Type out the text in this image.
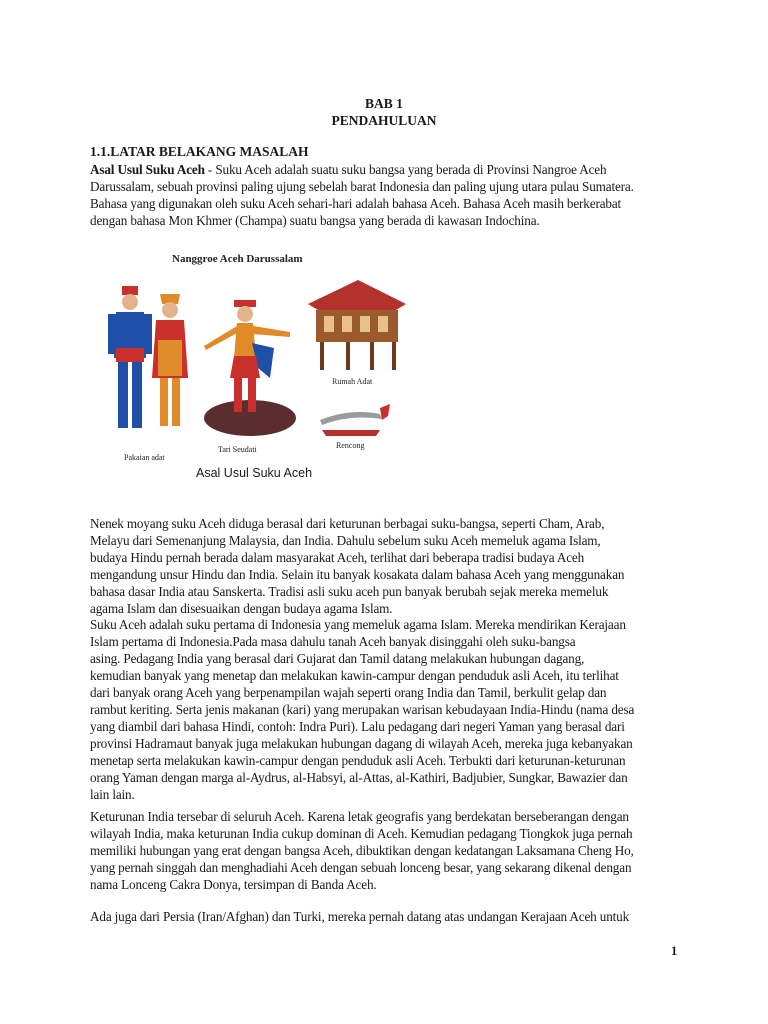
BAB 1
PENDAHULUAN
1.1.LATAR BELAKANG MASALAH
Asal Usul Suku Aceh - Suku Aceh adalah suatu suku bangsa yang berada di Provinsi Nangroe Aceh
Darussalam, sebuah provinsi paling ujung sebelah barat Indonesia dan paling ujung utara pulau Sumatera.
Bahasa yang digunakan oleh suku Aceh sehari-hari adalah bahasa Aceh. Bahasa Aceh masih berkerabat
dengan bahasa Mon Khmer (Champa) suatu bangsa yang berada di kawasan Indochina.
Nanggroe Aceh Darussalam
Pakaian adat
Tari Seudati
Rumah Adat
Rencong
Asal Usul Suku Aceh
Nenek moyang suku Aceh diduga berasal dari keturunan berbagai suku-bangsa, seperti Cham, Arab,
Melayu dari Semenanjung Malaysia, dan India. Dahulu sebelum suku Aceh memeluk agama Islam,
budaya Hindu pernah berada dalam masyarakat Aceh, terlihat dari beberapa tradisi budaya Aceh
mengandung unsur Hindu dan India. Selain itu banyak kosakata dalam bahasa Aceh yang menggunakan
bahasa dasar India atau Sanskerta. Tradisi asli suku aceh pun banyak berubah sejak mereka memeluk
agama Islam dan disesuaikan dengan budaya agama Islam.
Suku Aceh adalah suku pertama di Indonesia yang memeluk agama Islam. Mereka mendirikan Kerajaan
Islam pertama di Indonesia.Pada masa dahulu tanah Aceh banyak disinggahi oleh suku-bangsa
asing. Pedagang India yang berasal dari Gujarat dan Tamil datang melakukan hubungan dagang,
kemudian banyak yang menetap dan melakukan kawin-campur dengan penduduk asli Aceh, itu terlihat
dari banyak orang Aceh yang berpenampilan wajah seperti orang India dan Tamil, berkulit gelap dan
rambut keriting. Serta jenis makanan (kari) yang merupakan warisan kebudayaan India-Hindu (nama desa
yang diambil dari bahasa Hindi, contoh: Indra Puri). Lalu pedagang dari negeri Yaman yang berasal dari
provinsi Hadramaut banyak juga melakukan hubungan dagang di wilayah Aceh, mereka juga kebanyakan
menetap serta melakukan kawin-campur dengan penduduk asli Aceh. Terbukti dari keturunan-keturunan
orang Yaman dengan marga al-Aydrus, al-Habsyi, al-Attas, al-Kathiri, Badjubier, Sungkar, Bawazier dan
lain lain.
Keturunan India tersebar di seluruh Aceh. Karena letak geografis yang berdekatan berseberangan dengan
wilayah India, maka keturunan India cukup dominan di Aceh. Kemudian pedagang Tiongkok juga pernah
memiliki hubungan yang erat dengan bangsa Aceh, dibuktikan dengan kedatangan Laksamana Cheng Ho,
yang pernah singgah dan menghadiahi Aceh dengan sebuah lonceng besar, yang sekarang dikenal dengan
nama Lonceng Cakra Donya, tersimpan di Banda Aceh.
Ada juga dari Persia (Iran/Afghan) dan Turki, mereka pernah datang atas undangan Kerajaan Aceh untuk
1
